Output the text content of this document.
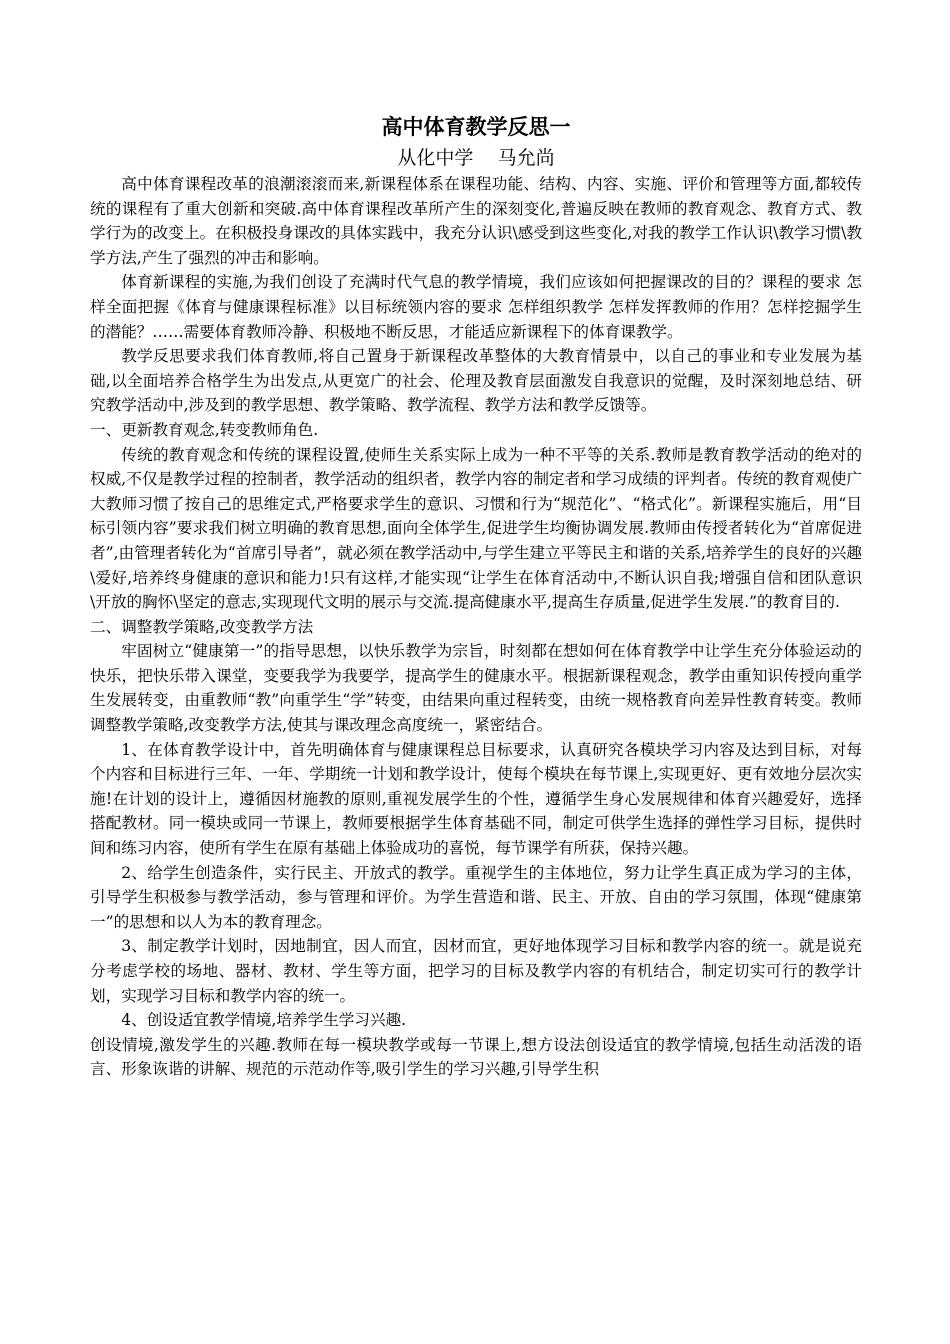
高中体育教学反思一
从化中学    马允尚

高中体育课程改革的浪潮滚滚而来,新课程体系在课程功能、结构、内容、实施、评价和管理等方面,都较传统的课程有了重大创新和突破.高中体育课程改革所产生的深刻变化,普遍反映在教师的教育观念、教育方式、教学行为的改变上。在积极投身课改的具体实践中，我充分认识\感受到这些变化,对我的教学工作认识\教学习惯\教学方法,产生了强烈的冲击和影响。

体育新课程的实施,为我们创设了充满时代气息的教学情境，我们应该如何把握课改的目的？课程的要求 怎样全面把握《体育与健康课程标准》以目标统领内容的要求 怎样组织教学 怎样发挥教师的作用？怎样挖掘学生的潜能？……需要体育教师冷静、积极地不断反思，才能适应新课程下的体育课教学。

教学反思要求我们体育教师,将自己置身于新课程改革整体的大教育情景中，以自己的事业和专业发展为基础,以全面培养合格学生为出发点,从更宽广的社会、伦理及教育层面激发自我意识的觉醒，及时深刻地总结、研究教学活动中,涉及到的教学思想、教学策略、教学流程、教学方法和教学反馈等。

一、更新教育观念,转变教师角色.

传统的教育观念和传统的课程设置,使师生关系实际上成为一种不平等的关系.教师是教育教学活动的绝对的权威,不仅是教学过程的控制者，教学活动的组织者，教学内容的制定者和学习成绩的评判者。传统的教育观使广大教师习惯了按自己的思维定式,严格要求学生的意识、习惯和行为“规范化”、“格式化”。新课程实施后，用“目标引领内容”要求我们树立明确的教育思想,面向全体学生,促进学生均衡协调发展.教师由传授者转化为“首席促进者”,由管理者转化为“首席引导者”，就必须在教学活动中,与学生建立平等民主和谐的关系,培养学生的良好的兴趣\爱好,培养终身健康的意识和能力!只有这样,才能实现“让学生在体育活动中,不断认识自我;增强自信和团队意识\开放的胸怀\坚定的意志,实现现代文明的展示与交流.提高健康水平,提高生存质量,促进学生发展.”的教育目的.

二、调整教学策略,改变教学方法

牢固树立“健康第一”的指导思想，以快乐教学为宗旨，时刻都在想如何在体育教学中让学生充分体验运动的快乐，把快乐带入课堂，变要我学为我要学，提高学生的健康水平。根据新课程观念，教学由重知识传授向重学生发展转变，由重教师“教”向重学生“学”转变，由结果向重过程转变，由统一规格教育向差异性教育转变。教师调整教学策略,改变教学方法,使其与课改理念高度统一，紧密结合。

1、在体育教学设计中，首先明确体育与健康课程总目标要求，认真研究各模块学习内容及达到目标，对每个内容和目标进行三年、一年、学期统一计划和教学设计，使每个模块在每节课上,实现更好、更有效地分层次实施!在计划的设计上，遵循因材施教的原则,重视发展学生的个性，遵循学生身心发展规律和体育兴趣爱好，选择搭配教材。同一模块或同一节课上，教师要根据学生体育基础不同，制定可供学生选择的弹性学习目标，提供时间和练习内容，使所有学生在原有基础上体验成功的喜悦，每节课学有所获，保持兴趣。

2、给学生创造条件，实行民主、开放式的教学。重视学生的主体地位，努力让学生真正成为学习的主体，引导学生积极参与教学活动，参与管理和评价。为学生营造和谐、民主、开放、自由的学习氛围，体现“健康第一”的思想和以人为本的教育理念。

3、制定教学计划时，因地制宜，因人而宜，因材而宜，更好地体现学习目标和教学内容的统一。就是说充分考虑学校的场地、器材、教材、学生等方面，把学习的目标及教学内容的有机结合，制定切实可行的教学计划，实现学习目标和教学内容的统一。

4、创设适宜教学情境,培养学生学习兴趣.

创设情境,激发学生的兴趣.教师在每一模块教学或每一节课上,想方设法创设适宜的教学情境,包括生动活泼的语言、形象诙谐的讲解、规范的示范动作等,吸引学生的学习兴趣,引导学生积
